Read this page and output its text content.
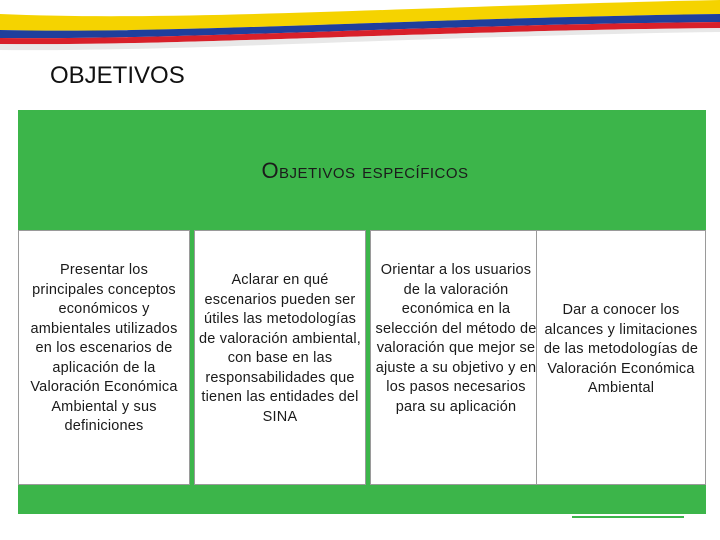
OBJETIVOS
Objetivos específicos
Presentar los principales conceptos económicos y ambientales utilizados en los escenarios de aplicación de la Valoración Económica Ambiental y sus definiciones
Aclarar en qué escenarios pueden ser útiles las metodologías de valoración ambiental, con base en las responsabilidades que tienen las entidades del SINA
Orientar a los usuarios de la valoración económica en la selección del método de valoración que mejor se ajuste a su objetivo y en los pasos necesarios para su aplicación
Dar a conocer los alcances y limitaciones de las metodologías de Valoración Económica Ambiental
